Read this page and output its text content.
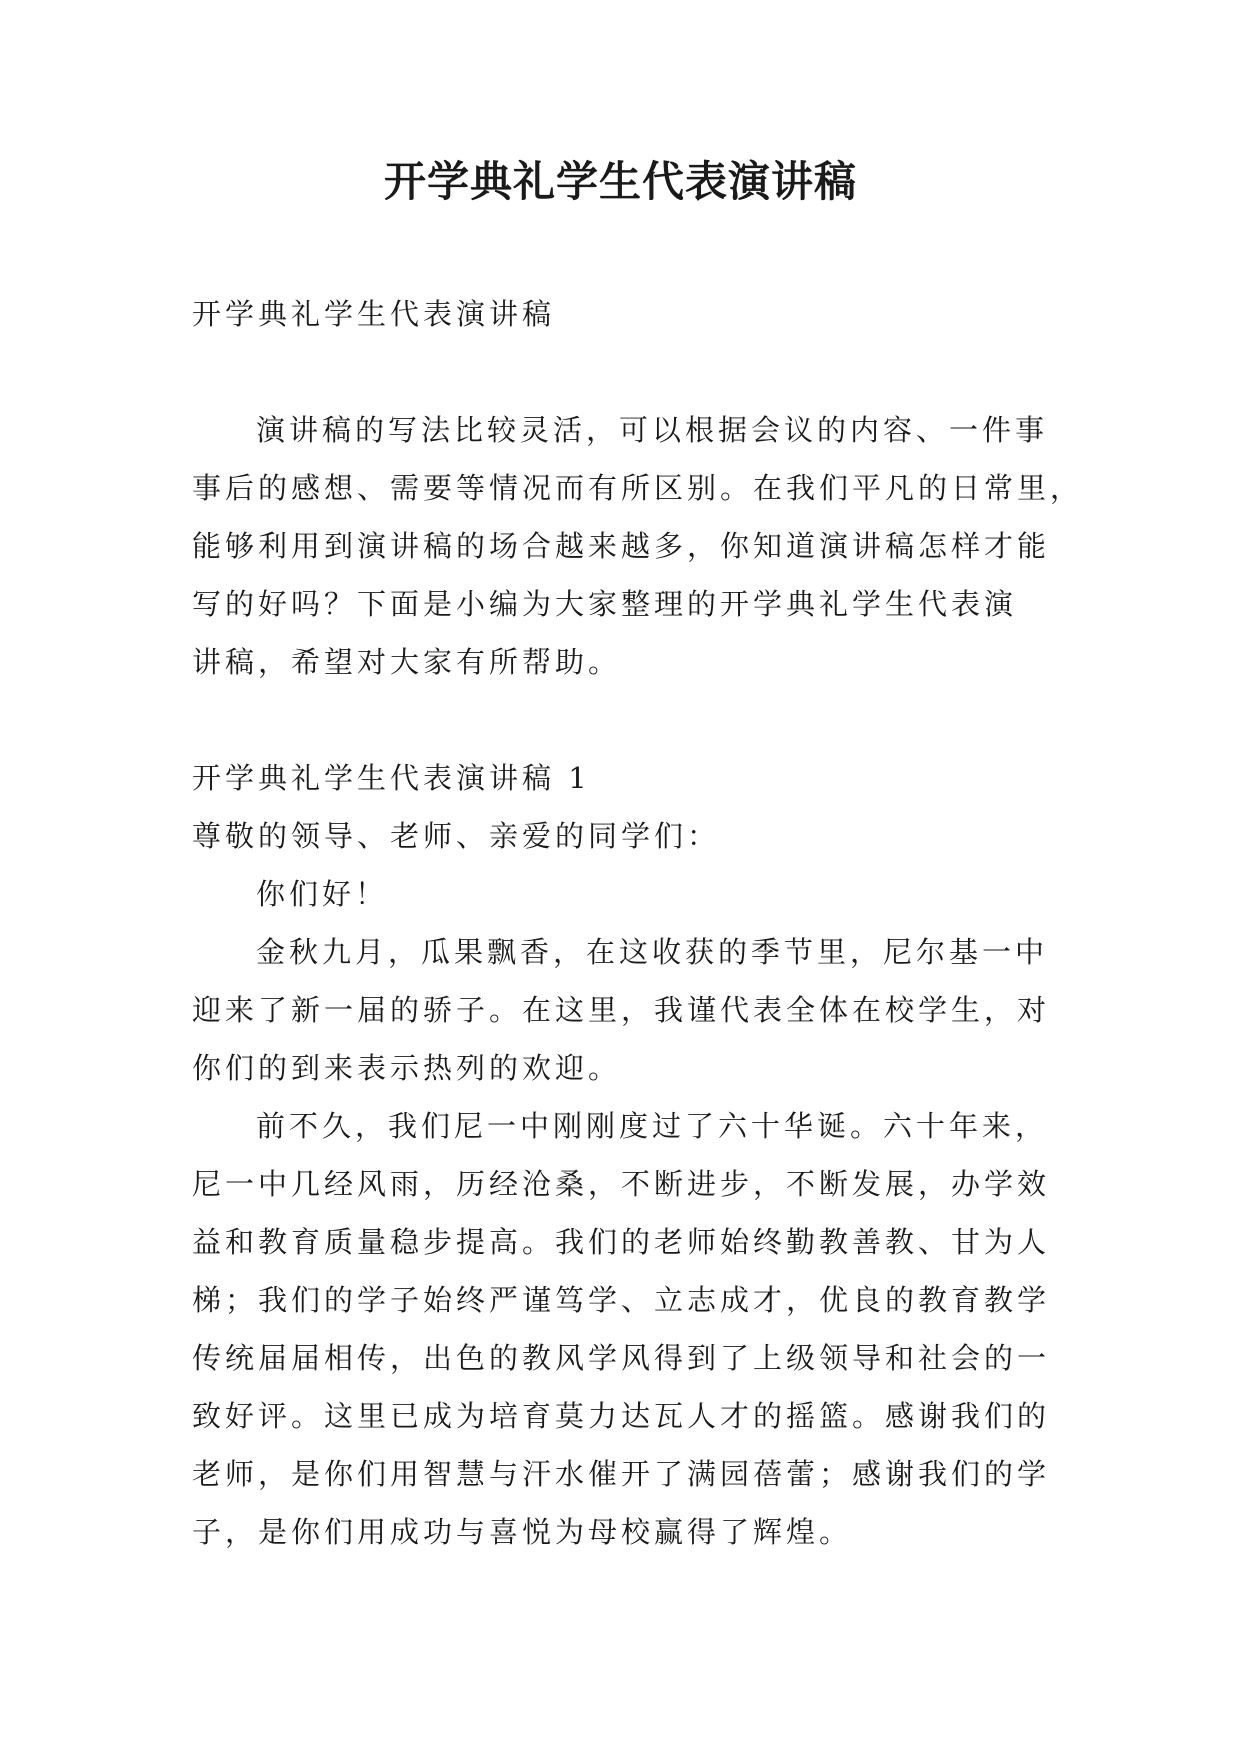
开学典礼学生代表演讲稿
开学典礼学生代表演讲稿
演讲稿的写法比较灵活，可以根据会议的内容、一件事
事后的感想、需要等情况而有所区别。在我们平凡的日常里，
能够利用到演讲稿的场合越来越多，你知道演讲稿怎样才能
写的好吗？下面是小编为大家整理的开学典礼学生代表演
讲稿，希望对大家有所帮助。
开学典礼学生代表演讲稿 1
尊敬的领导、老师、亲爱的同学们：
你们好！
金秋九月，瓜果飘香，在这收获的季节里，尼尔基一中
迎来了新一届的骄子。在这里，我谨代表全体在校学生，对
你们的到来表示热列的欢迎。
前不久，我们尼一中刚刚度过了六十华诞。六十年来，
尼一中几经风雨，历经沧桑，不断进步，不断发展，办学效
益和教育质量稳步提高。我们的老师始终勤教善教、甘为人
梯；我们的学子始终严谨笃学、立志成才，优良的教育教学
传统届届相传，出色的教风学风得到了上级领导和社会的一
致好评。这里已成为培育莫力达瓦人才的摇篮。感谢我们的
老师，是你们用智慧与汗水催开了满园蓓蕾；感谢我们的学
子，是你们用成功与喜悦为母校赢得了辉煌。
